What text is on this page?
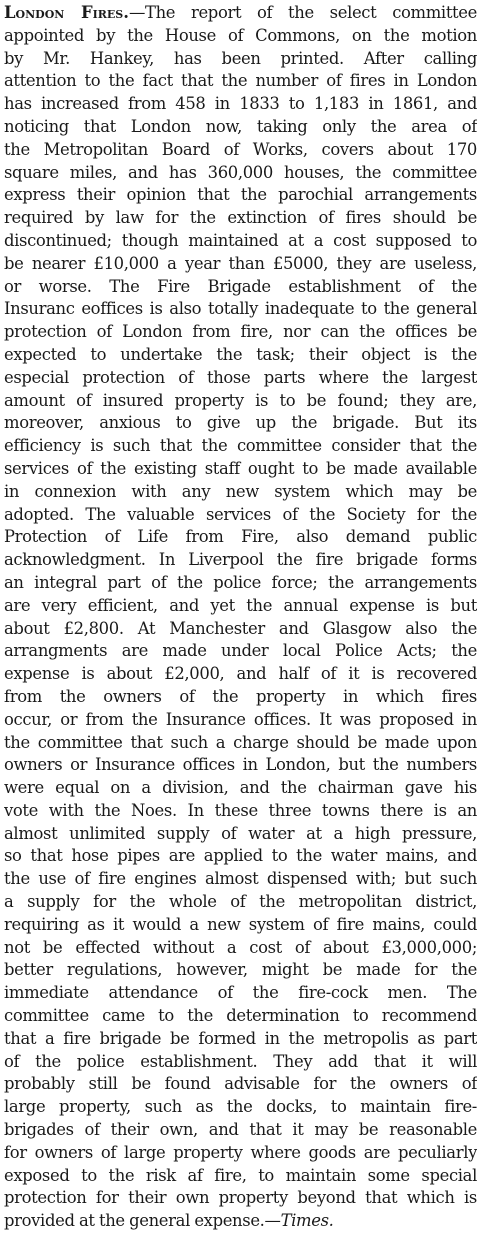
London Fires.—The report of the select committee
appointed by the House of Commons, on the motion
by Mr. Hankey, has been printed. After calling
attention to the fact that the number of fires in London
has increased from 458 in 1833 to 1,183 in 1861, and
noticing that London now, taking only the area of
the Metropolitan Board of Works, covers about 170
square miles, and has 360,000 houses, the committee
express their opinion that the parochial arrangements
required by law for the extinction of fires should be
discontinued; though maintained at a cost supposed to
be nearer £10,000 a year than £5000, they are useless,
or worse. The Fire Brigade establishment of the
Insuranc eoffices is also totally inadequate to the general
protection of London from fire, nor can the offices be
expected to undertake the task; their object is the
especial protection of those parts where the largest
amount of insured property is to be found; they are,
moreover, anxious to give up the brigade. But its
efficiency is such that the committee consider that the
services of the existing staff ought to be made available
in connexion with any new system which may be
adopted. The valuable services of the Society for the
Protection of Life from Fire, also demand public
acknowledgment. In Liverpool the fire brigade forms
an integral part of the police force; the arrangements
are very efficient, and yet the annual expense is but
about £2,800. At Manchester and Glasgow also the
arrangments are made under local Police Acts; the
expense is about £2,000, and half of it is recovered
from the owners of the property in which fires
occur, or from the Insurance offices. It was proposed in
the committee that such a charge should be made upon
owners or Insurance offices in London, but the numbers
were equal on a division, and the chairman gave his
vote with the Noes. In these three towns there is an
almost unlimited supply of water at a high pressure,
so that hose pipes are applied to the water mains, and
the use of fire engines almost dispensed with; but such
a supply for the whole of the metropolitan district,
requiring as it would a new system of fire mains, could
not be effected without a cost of about £3,000,000;
better regulations, however, might be made for the
immediate attendance of the fire-cock men. The
committee came to the determination to recommend
that a fire brigade be formed in the metropolis as part
of the police establishment. They add that it will
probably still be found advisable for the owners of
large property, such as the docks, to maintain fire-
brigades of their own, and that it may be reasonable
for owners of large property where goods are peculiarly
exposed to the risk af fire, to maintain some special
protection for their own property beyond that which is
provided at the general expense.—Times.
